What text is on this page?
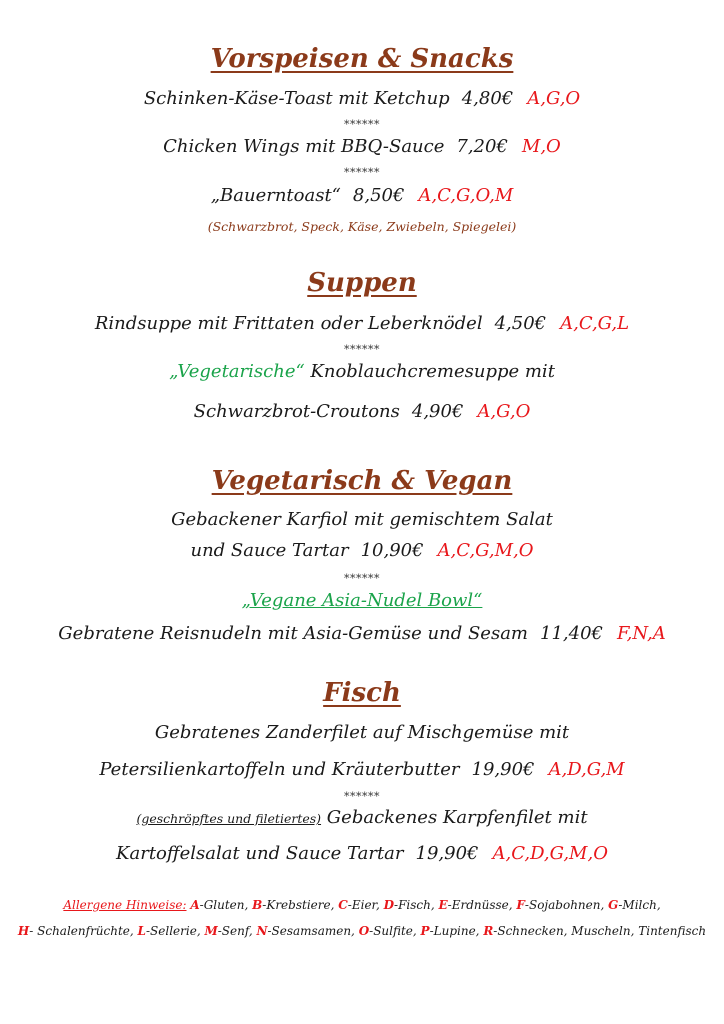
Vorspeisen & Snacks
Schinken-Käse-Toast mit Ketchup 4,80€ A,G,O
******
Chicken Wings mit BBQ-Sauce 7,20€ M,O
******
„Bauerntoast“ 8,50€ A,C,G,O,M
(Schwarzbrot, Speck, Käse, Zwiebeln, Spiegelei)
Suppen
Rindsuppe mit Frittaten oder Leberknödel 4,50€ A,C,G,L
******
„Vegetarische“ Knoblauchcremesuppe mit
Schwarzbrot-Croutons 4,90€ A,G,O
Vegetarisch & Vegan
Gebackener Karfiol mit gemischtem Salat
und Sauce Tartar 10,90€ A,C,G,M,O
******
„Vegane Asia-Nudel Bowl“
Gebratene Reisnudeln mit Asia-Gemüse und Sesam 11,40€ F,N,A
Fisch
Gebratenes Zanderfilet auf Mischgemüse mit
Petersilienkartoffeln und Kräuterbutter 19,90€ A,D,G,M
******
(geschröpftes und filetiertes) Gebackenes Karpfenfilet mit
Kartoffelsalat und Sauce Tartar 19,90€ A,C,D,G,M,O
Allergene Hinweise: A-Gluten, B-Krebstiere, C-Eier, D-Fisch, E-Erdnüsse, F-Sojabohnen, G-Milch,
H- Schalenfrüchte, L-Sellerie, M-Senf, N-Sesamsamen, O-Sulfite, P-Lupine, R-Schnecken, Muscheln, Tintenfisch
